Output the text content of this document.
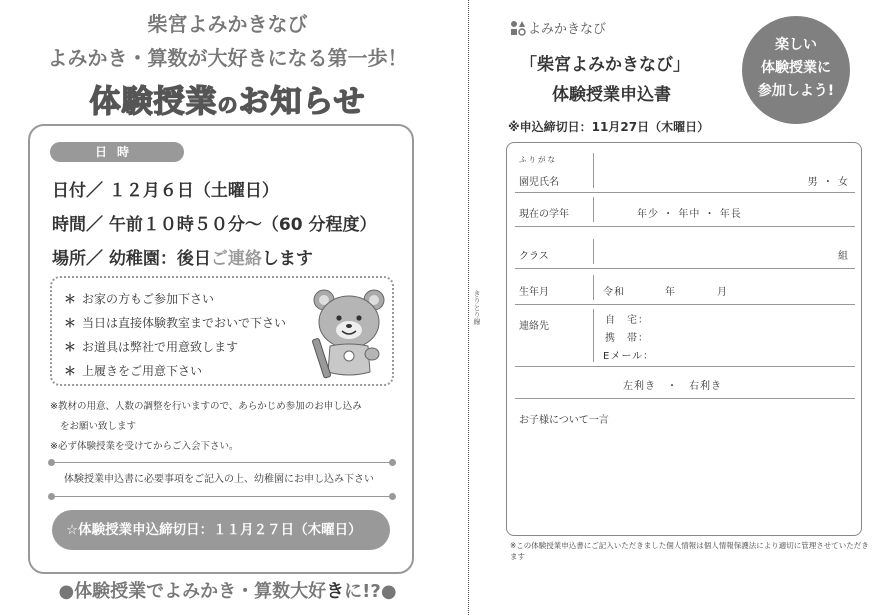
柴宮よみかきなび
よみかき・算数が大好きになる第一歩！
体験授業のお知らせ
日時
日付／ １２月６日（土曜日）
時間／ 午前１０時５０分～（60 分程度）
場所／ 幼稚園：後日ご連絡します
＊ お家の方もご参加下さい
＊ 当日は直接体験教室までおいで下さい
＊ お道具は弊社で用意致します
＊ 上履きをご用意下さい
※教材の用意、人数の調整を行いますので、あらかじめ参加のお申し込み
をお願い致します
※必ず体験授業を受けてからご入会下さい。
体験授業申込書に必要事項をご記入の上、幼稚園にお申し込み下さい
☆体験授業申込締切日：１１月２７日（木曜日）
●体験授業でよみかき・算数大好きに!?●
きりとり線
よみかきなび
「柴宮よみかきなび」
体験授業申込書
※申込締切日：11月27日（木曜日）
楽しい
体験授業に
参加しよう!
ふりがな
園児氏名	男 ・ 女
現在の学年	年少 ・ 年中 ・ 年長
クラス	組
生年月	令和	年	月
連絡先
自　宅：
携　帯：
Eメール：
左利き　・　右利き
お子様について一言
※この体験授業申込書にご記入いただきました個人情報は個人情報保護法により適切に管理させていただきます
